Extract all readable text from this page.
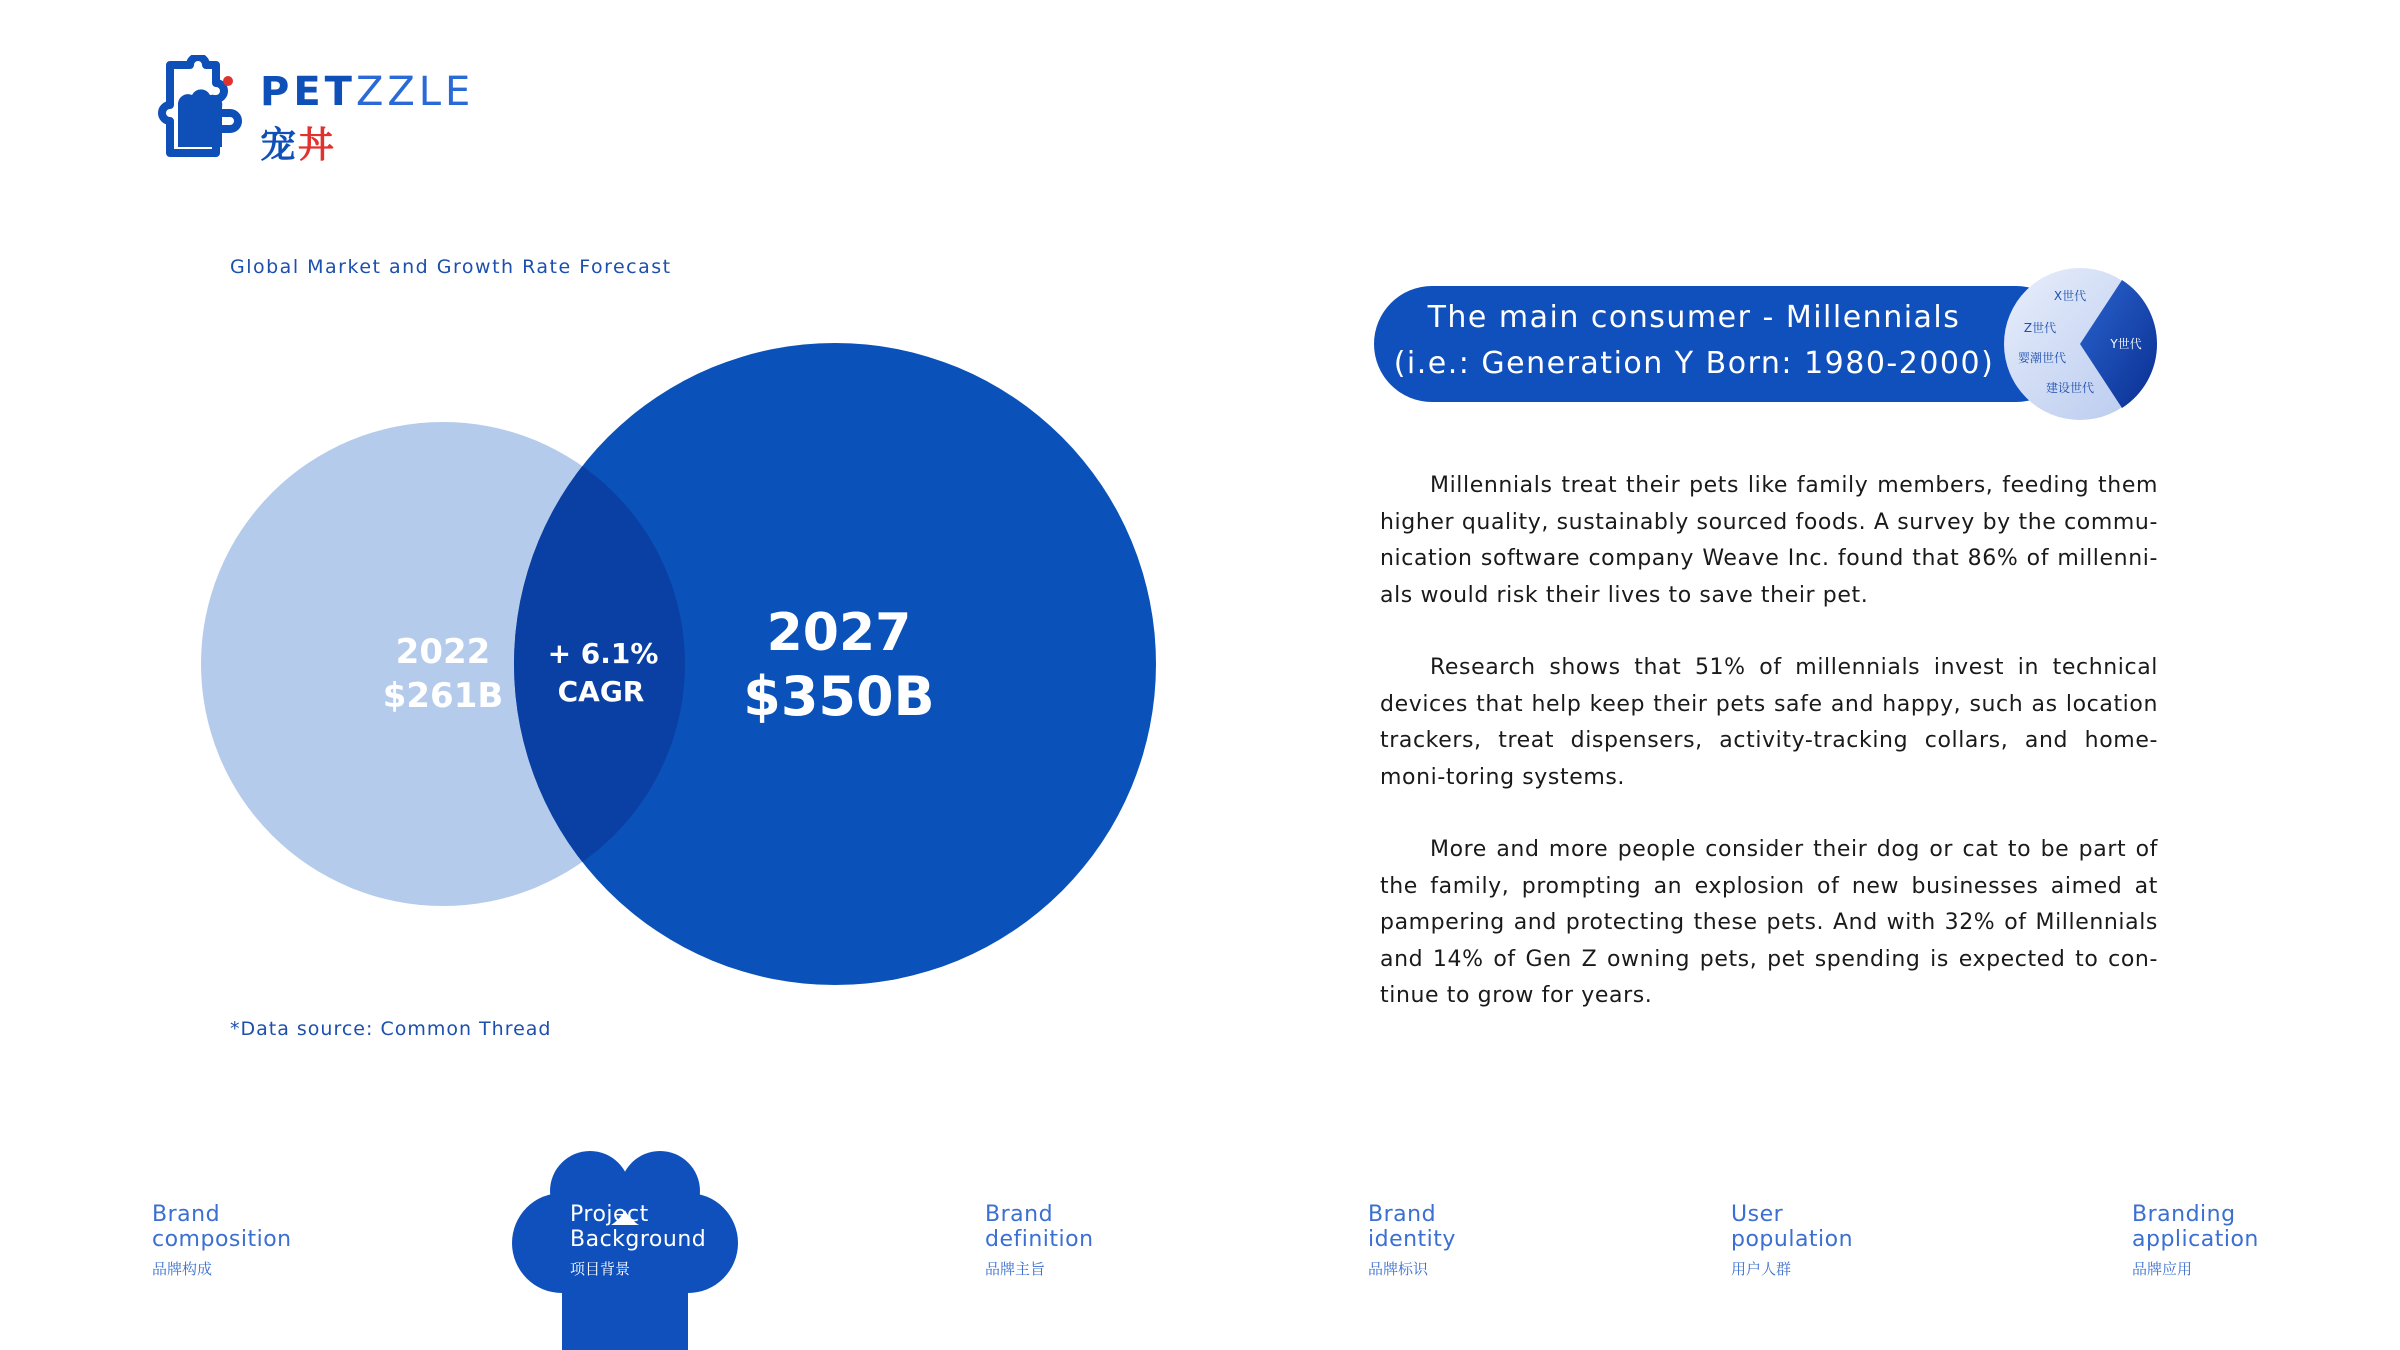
PETZZLE
宠丼
Global Market and Growth Rate Forecast
2022
$261B
+ 6.1%
CAGR
2027
$350B
*Data source: Common Thread
The main consumer - Millennials
(i.e.: Generation Y Born: 1980-2000)
X世代
Z世代
婴潮世代
建设世代
Y世代

Millennials treat their pets like family members, feeding them higher quality, sustainably sourced foods. A survey by the commu-nication software company Weave Inc. found that 86% of millenni-als would risk their lives to save their pet.

Research shows that 51% of millennials invest in technical devices that help keep their pets safe and happy, such as location trackers, treat dispensers, activity-tracking collars, and home-moni-toring systems.

More and more people consider their dog or cat to be part of the family, prompting an explosion of new businesses aimed at pampering and protecting these pets. And with 32% of Millennials and 14% of Gen Z owning pets, pet spending is expected to con-tinue to grow for years.

Brand
composition
品牌构成
Project
Background
项目背景
Brand
definition
品牌主旨
Brand
identity
品牌标识
User
population
用户人群
Branding
application
品牌应用
